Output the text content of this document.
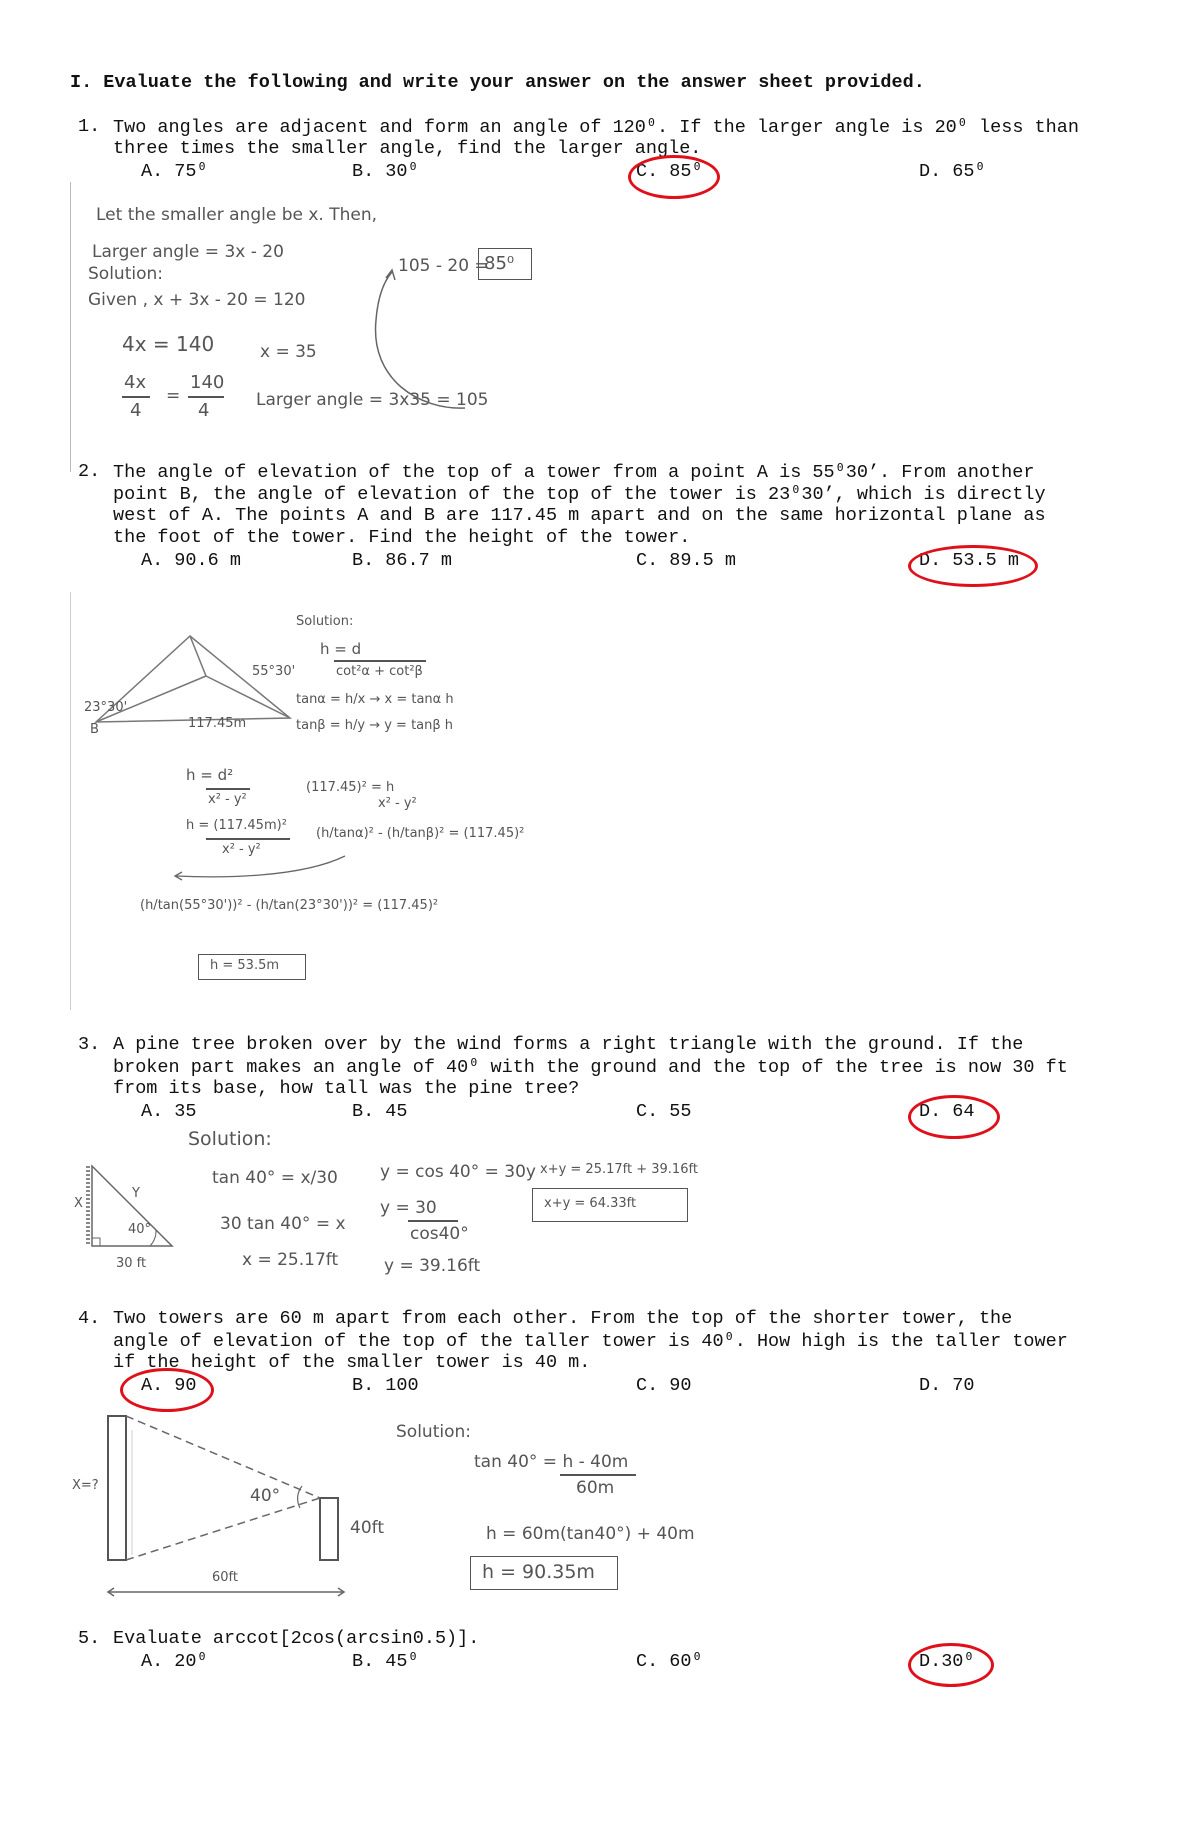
I. Evaluate the following and write your answer on the answer sheet provided.
1. Two angles are adjacent and form an angle of 120⁰. If the larger angle is 20⁰ less than
three times the smaller angle, find the larger angle.
A. 75⁰	B. 30⁰	C. 85⁰	D. 65⁰
Let the smaller angle be x. Then,
Larger angle = 3x - 20
Solution:
Given , x + 3x - 20 = 120
4x = 140
4x
4
=
140
4
x = 35
Larger angle = 3x35 = 105
105 - 20 =
85⁰
2. The angle of elevation of the top of a tower from a point A is 55⁰30’. From another
point B, the angle of elevation of the top of the tower is 23⁰30’, which is directly
west of A. The points A and B are 117.45 m apart and on the same horizontal plane as
the foot of the tower. Find the height of the tower.
A. 90.6 m	B. 86.7 m	C. 89.5 m	D. 53.5 m
23°30'
B	117.45m
55°30'
Solution:
h = d
cot²α + cot²β
tanα = h/x → x = tanα h
tanβ = h/y → y = tanβ h
h = d²
x² - y²
(117.45)² = h
x² - y²
h = (117.45m)²
x² - y²
(h/tanα)² - (h/tanβ)² = (117.45)²
(h/tan(55°30'))² - (h/tan(23°30'))² = (117.45)²
h = 53.5m
3. A pine tree broken over by the wind forms a right triangle with the ground. If the
broken part makes an angle of 40⁰ with the ground and the top of the tree is now 30 ft
from its base, how tall was the pine tree?
A. 35	B. 45	C. 55	D. 64
Solution:
X
Y
40°
30 ft
tan 40° = x/30
30 tan 40° = x
x = 25.17ft
y = cos 40° = 30y
y = 30
cos40°
y = 39.16ft
x+y = 25.17ft + 39.16ft
x+y = 64.33ft
4. Two towers are 60 m apart from each other. From the top of the shorter tower, the
angle of elevation of the top of the taller tower is 40⁰. How high is the taller tower
if the height of the smaller tower is 40 m.
A. 90	B. 100	C. 90	D. 70
X=?
40°
40ft
60ft
Solution:
tan 40° = h - 40m
60m
h = 60m(tan40°) + 40m
h = 90.35m
5. Evaluate arccot[2cos(arcsin0.5)].
A. 20⁰	B. 45⁰	C. 60⁰	D.30⁰
